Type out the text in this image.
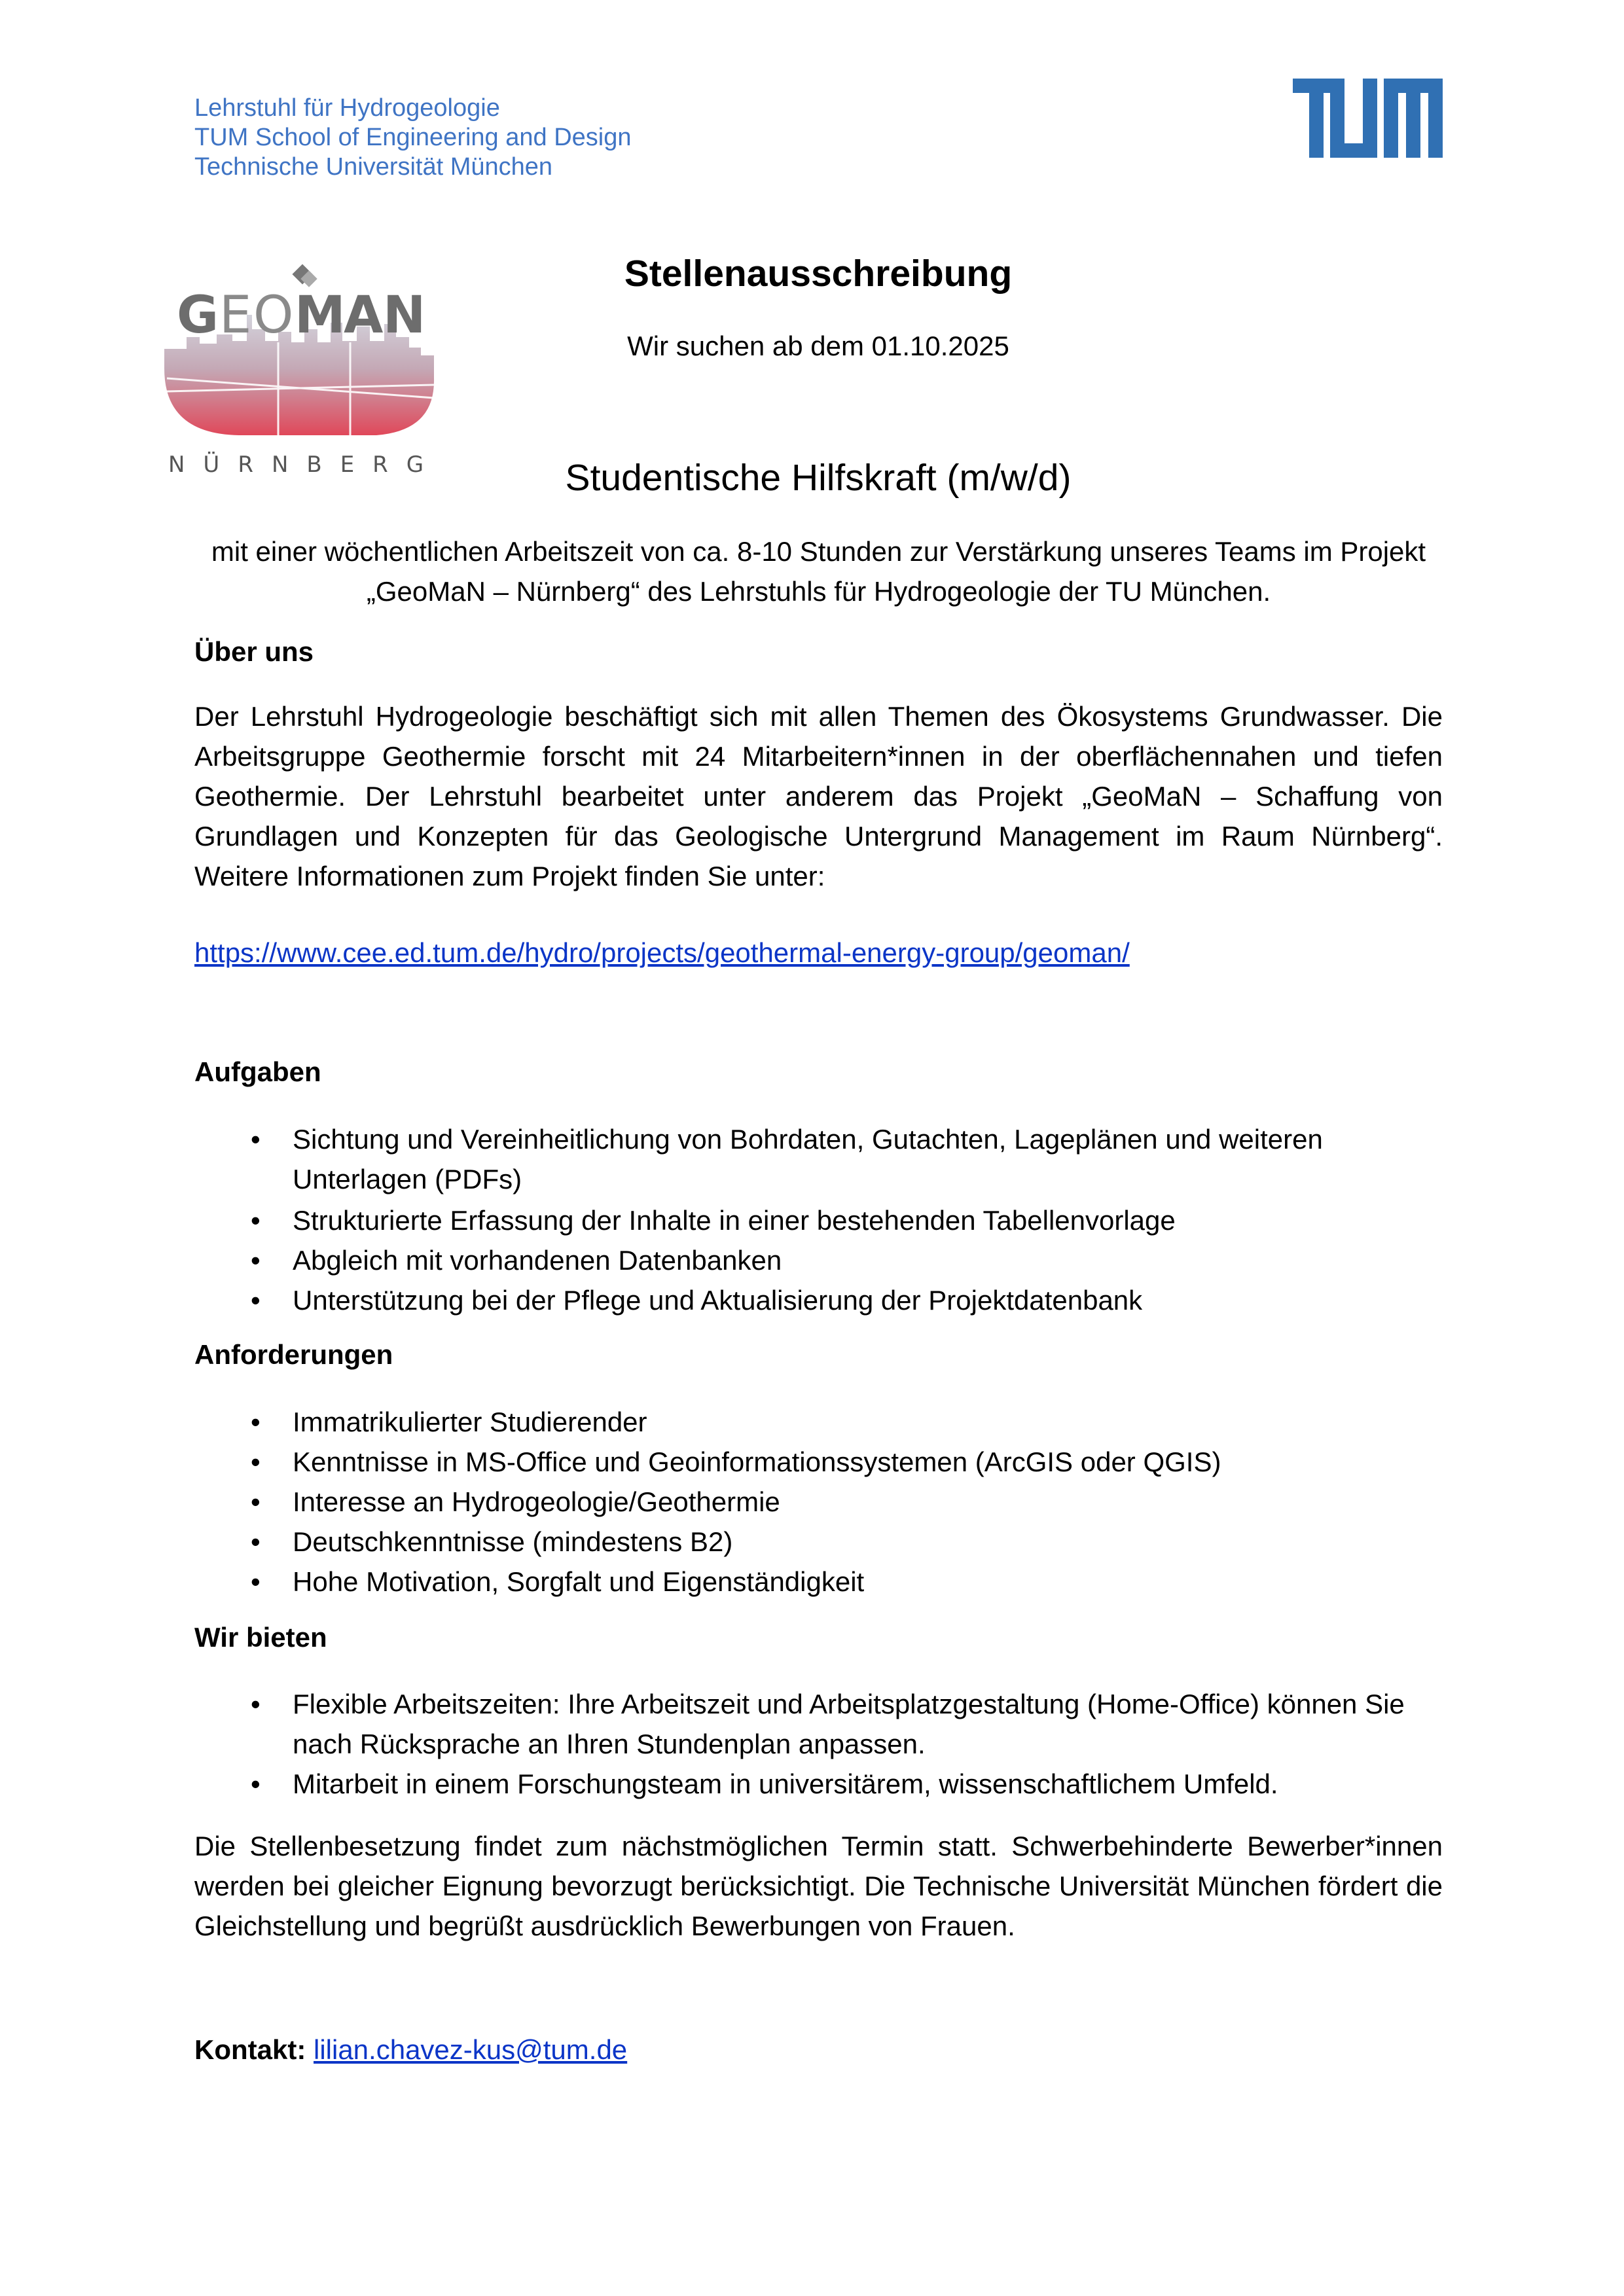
Lehrstuhl für Hydrogeologie
TUM School of Engineering and Design
Technische Universität München
G E O M
A N
NÜRNBERG
Stellenausschreibung
Wir suchen ab dem 01.10.2025
Studentische Hilfskraft (m/w/d)
mit einer wöchentlichen Arbeitszeit von ca. 8-10 Stunden zur Verstärkung unseres Teams im Projekt
„GeoMaN – Nürnberg“ des Lehrstuhls für Hydrogeologie der TU München.
Über uns
Der Lehrstuhl Hydrogeologie beschäftigt sich mit allen Themen des Ökosystems Grundwasser. Die Arbeitsgruppe Geothermie forscht mit 24 Mitarbeitern*innen in der oberflächennahen und tiefen Geothermie. Der Lehrstuhl bearbeitet unter anderem das Projekt „GeoMaN – Schaffung von Grundlagen und Konzepten für das Geologische Untergrund Management im Raum Nürnberg“. Weitere Informationen zum Projekt finden Sie unter:
https://www.cee.ed.tum.de/hydro/projects/geothermal-energy-group/geoman/
Aufgaben
•	Sichtung und Vereinheitlichung von Bohrdaten, Gutachten, Lageplänen und weiteren Unterlagen (PDFs)
•	Strukturierte Erfassung der Inhalte in einer bestehenden Tabellenvorlage
•	Abgleich mit vorhandenen Datenbanken
•	Unterstützung bei der Pflege und Aktualisierung der Projektdatenbank
Anforderungen
•	Immatrikulierter Studierender
•	Kenntnisse in MS-Office und Geoinformationssystemen (ArcGIS oder QGIS)
•	Interesse an Hydrogeologie/Geothermie
•	Deutschkenntnisse (mindestens B2)
•	Hohe Motivation, Sorgfalt und Eigenständigkeit
Wir bieten
•	Flexible Arbeitszeiten: Ihre Arbeitszeit und Arbeitsplatzgestaltung (Home-Office) können Sie nach Rücksprache an Ihren Stundenplan anpassen.
•	Mitarbeit in einem Forschungsteam in universitärem, wissenschaftlichem Umfeld.
Die Stellenbesetzung findet zum nächstmöglichen Termin statt. Schwerbehinderte Bewerber*innen werden bei gleicher Eignung bevorzugt berücksichtigt. Die Technische Universität München fördert die Gleichstellung und begrüßt ausdrücklich Bewerbungen von Frauen.
Kontakt: lilian.chavez-kus@tum.de
